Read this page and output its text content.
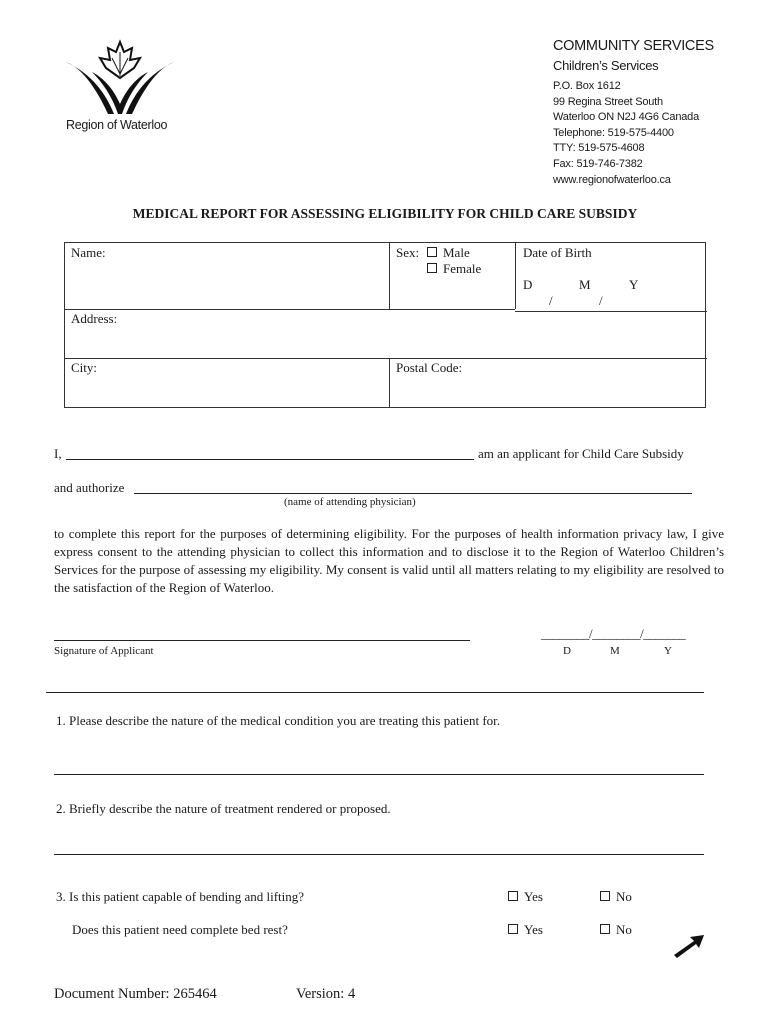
Region of Waterloo
COMMUNITY SERVICES
Children’s Services
P.O. Box 1612
99 Regina Street South
Waterloo ON N2J 4G6 Canada
Telephone: 519-575-4400
TTY: 519-575-4608
Fax: 519-746-7382
www.regionofwaterloo.ca
MEDICAL REPORT FOR ASSESSING ELIGIBILITY FOR CHILD CARE SUBSIDY
Name:	Sex:	Male
Female
Date of Birth
D	M	Y
/	/
Address:
City:	Postal Code:
I,	am an applicant for Child Care Subsidy
and authorize
(name of attending physician)
to complete this report for the purposes of determining eligibility. For the purposes of health information privacy law, I give express consent to the attending physician to collect this information and to disclose it to the Region of Waterloo Children’s Services for the purpose of assessing my eligibility. My consent is valid until all matters relating to my eligibility are resolved to the satisfaction of the Region of Waterloo.
Signature of Applicant
________/________/_______
D	M	Y
1. Please describe the nature of the medical condition you are treating this patient for.
2. Briefly describe the nature of treatment rendered or proposed.
3. Is this patient capable of bending and lifting?	Yes	No
Does this patient need complete bed rest?	Yes	No
Document Number: 265464	Version: 4
